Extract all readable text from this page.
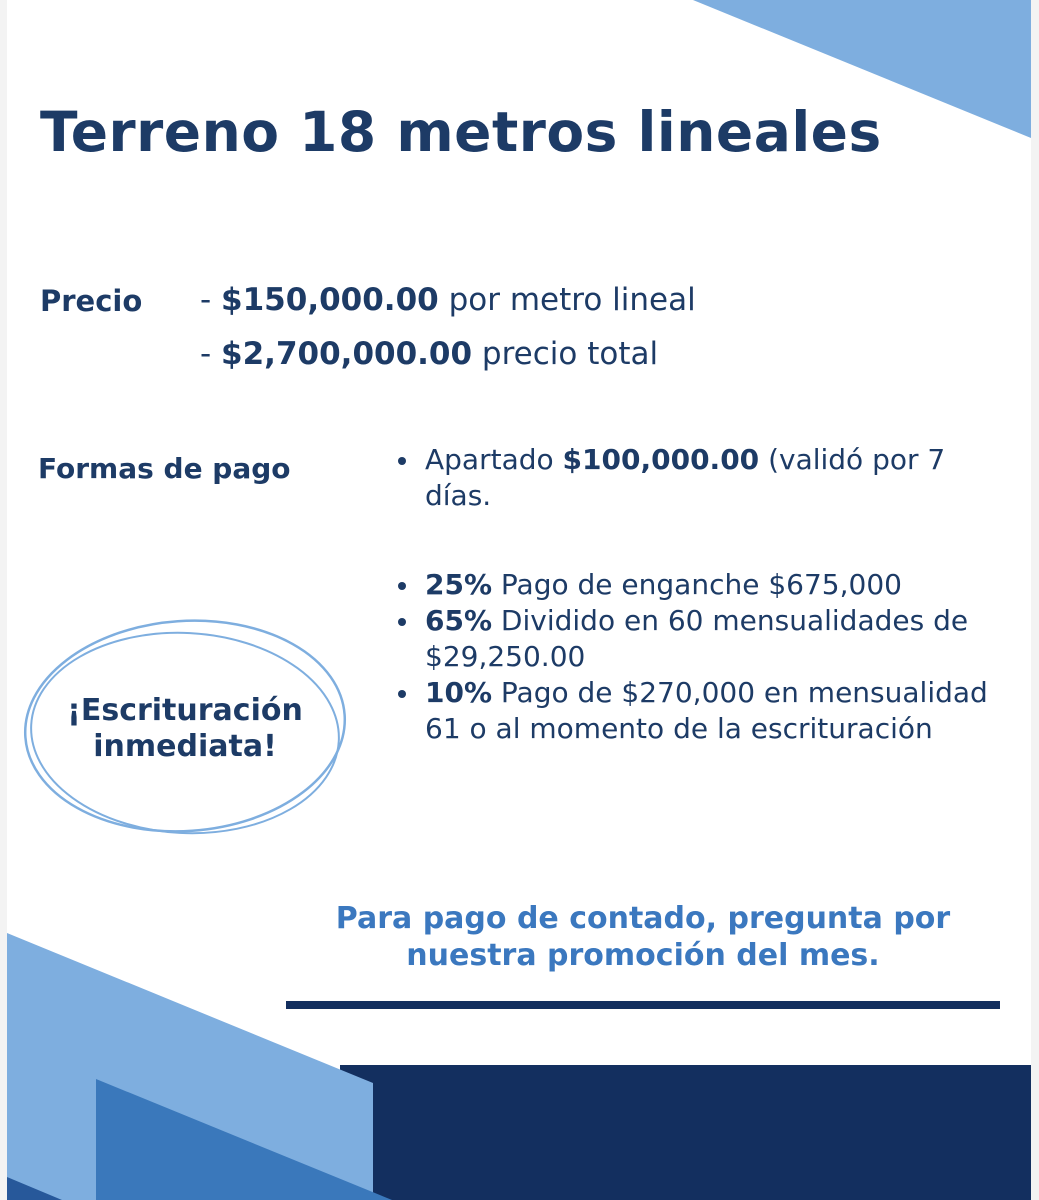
Terreno 18 metros lineales
Precio - $150,000.00 por metro lineal
- $2,700,000.00 precio total
Formas de pago	Apartado $100,000.00 (validó por 7 días.

25% Pago de enganche $675,000

65% Dividido en 60 mensualidades de $29,250.00

10% Pago de $270,000 en mensualidad 61 o al momento de la escrituración

¡Escrituración
inmediata!
Para pago de contado, pregunta por
nuestra promoción del mes.
